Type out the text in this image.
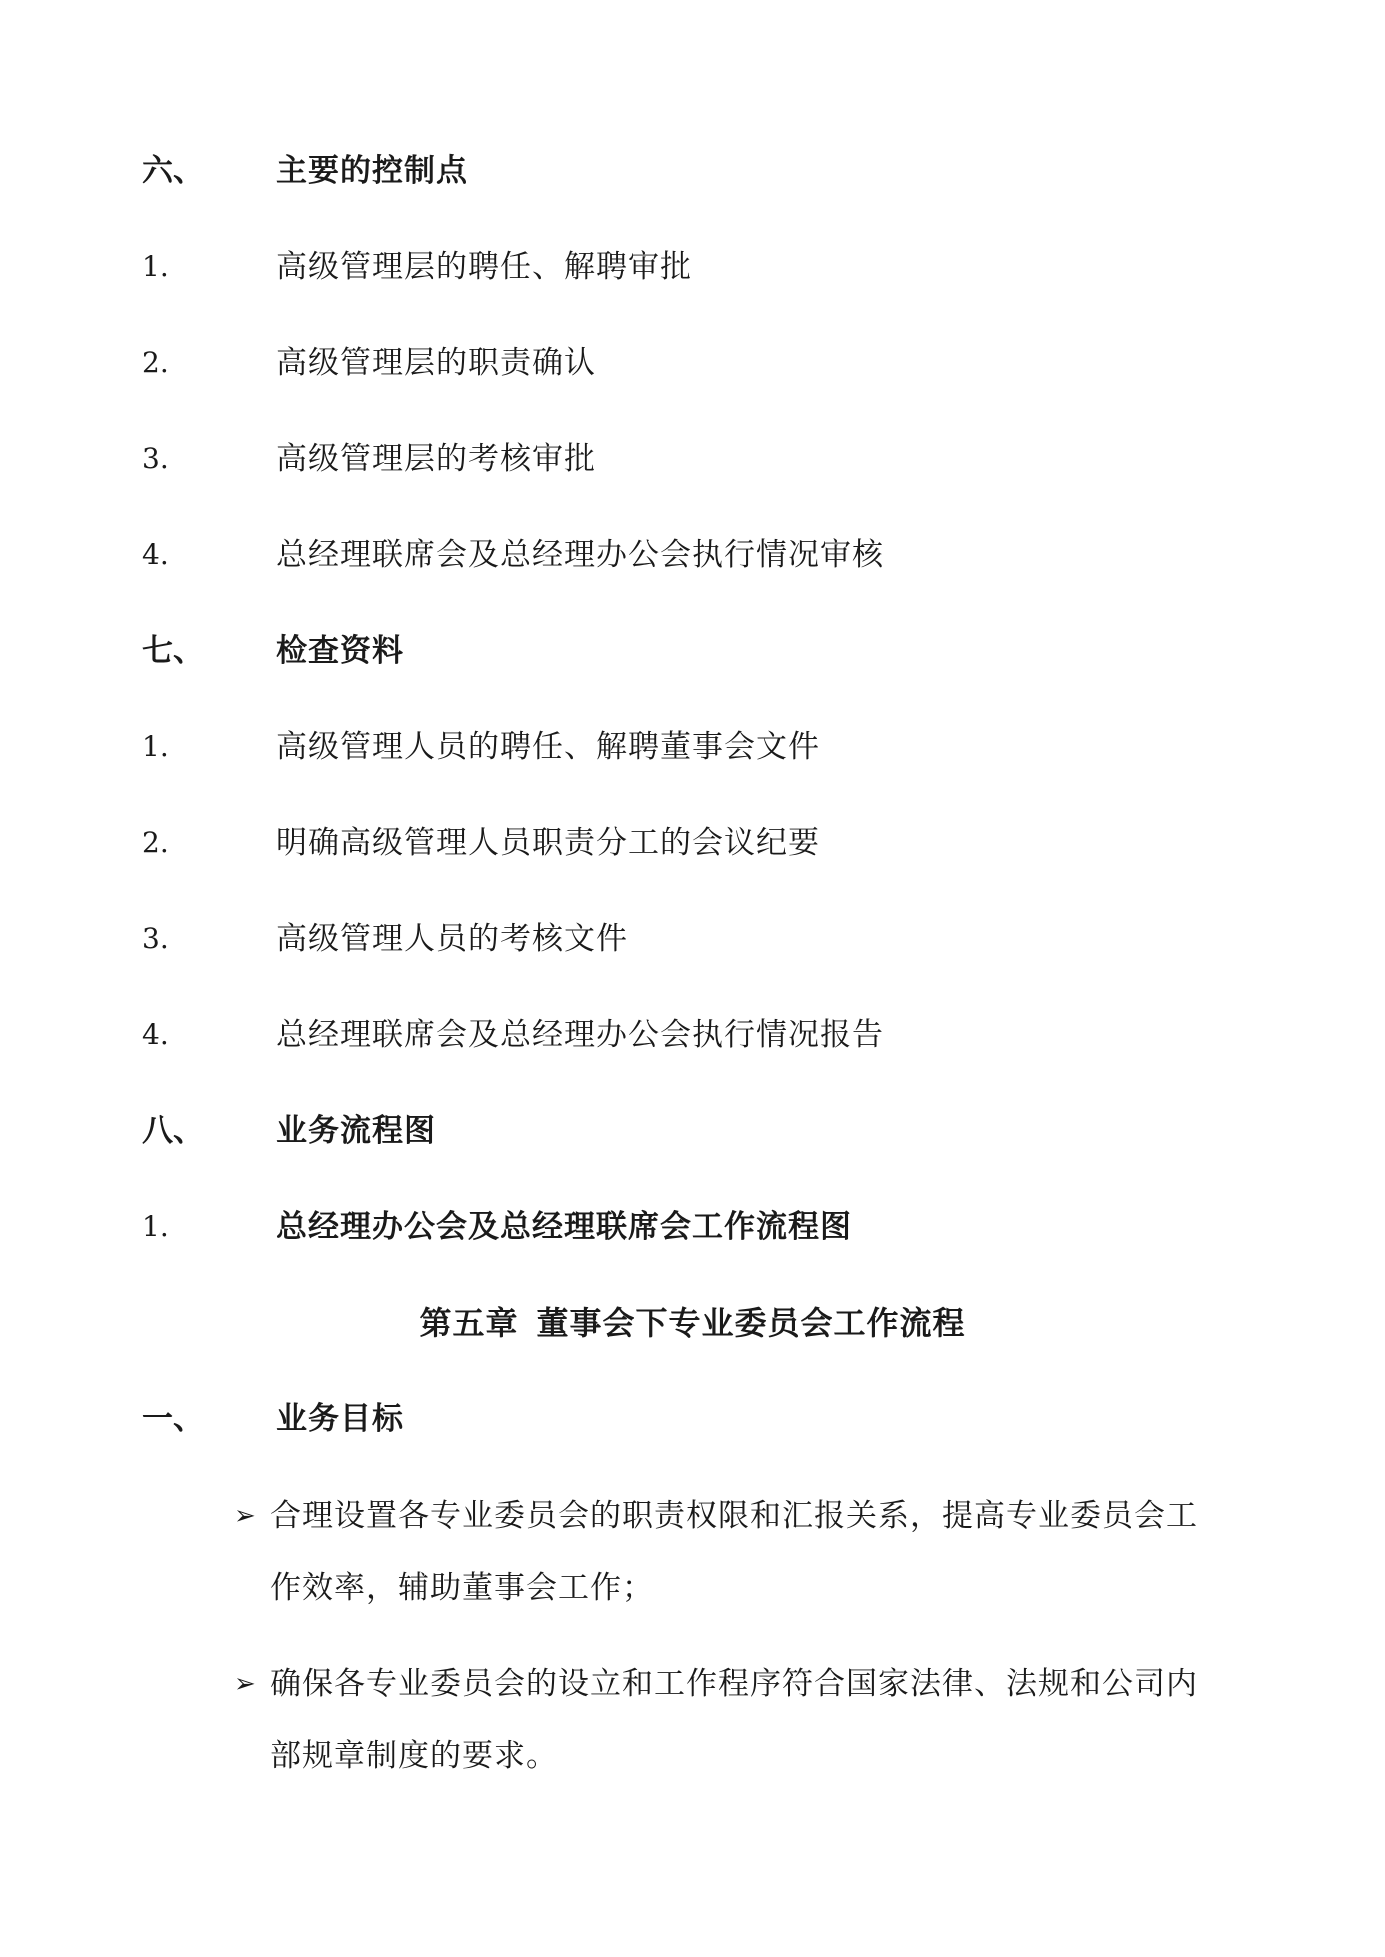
六、 主要的控制点
1.	高级管理层的聘任、解聘审批
2.	高级管理层的职责确认
3.	高级管理层的考核审批
4.	总经理联席会及总经理办公会执行情况审核
七、 检查资料
1.	高级管理人员的聘任、解聘董事会文件
2.	明确高级管理人员职责分工的会议纪要
3.	高级管理人员的考核文件
4.	总经理联席会及总经理办公会执行情况报告
八、 业务流程图
1.	总经理办公会及总经理联席会工作流程图
第五章 董事会下专业委员会工作流程
一、 业务目标
➢ 合理设置各专业委员会的职责权限和汇报关系，提高专业委员会工作效率，辅助董事会工作；
➢ 确保各专业委员会的设立和工作程序符合国家法律、法规和公司内部规章制度的要求。
